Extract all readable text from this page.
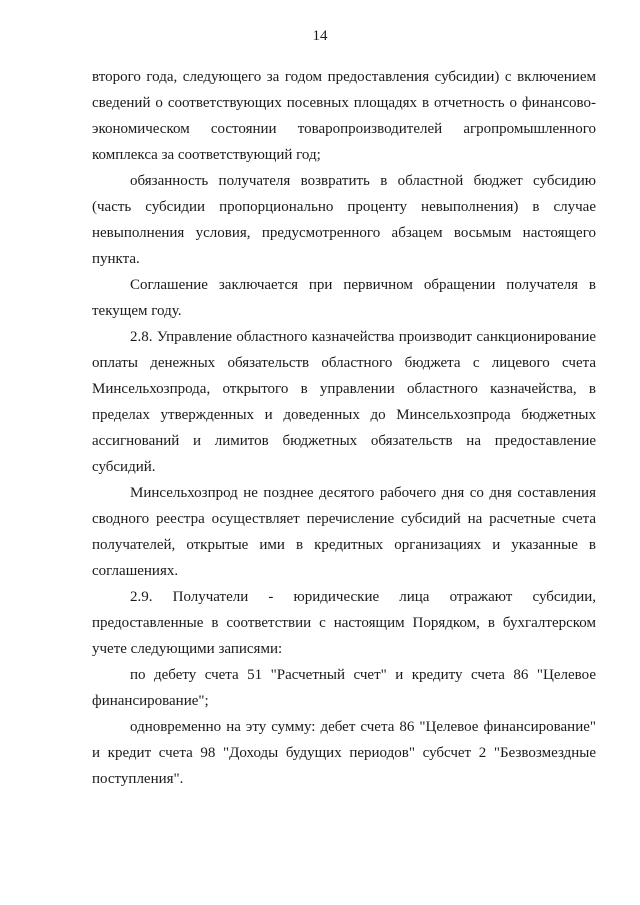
14

второго года, следующего за годом предоставления субсидии) с включением сведений о соответствующих посевных площадях в отчетность о финансово-экономическом состоянии товаропроизводителей агропромышленного комплекса за соответствующий год;

обязанность получателя возвратить в областной бюджет субсидию (часть субсидии пропорционально проценту невыполнения) в случае невыполнения условия, предусмотренного абзацем восьмым настоящего пункта.

Соглашение заключается при первичном обращении получателя в текущем году.

2.8. Управление областного казначейства производит санкционирование оплаты денежных обязательств областного бюджета с лицевого счета Минсельхозпрода, открытого в управлении областного казначейства, в пределах утвержденных и доведенных до Минсельхозпрода бюджетных ассигнований и лимитов бюджетных обязательств на предоставление субсидий.

Минсельхозпрод не позднее десятого рабочего дня со дня составления сводного реестра осуществляет перечисление субсидий на расчетные счета получателей, открытые ими в кредитных организациях и указанные в соглашениях.

2.9. Получатели - юридические лица отражают субсидии, предоставленные в соответствии с настоящим Порядком, в бухгалтерском учете следующими записями:

по дебету счета 51 "Расчетный счет" и кредиту счета 86 "Целевое финансирование";

одновременно на эту сумму: дебет счета 86 "Целевое финансирование" и кредит счета 98 "Доходы будущих периодов" субсчет 2 "Безвозмездные поступления".
